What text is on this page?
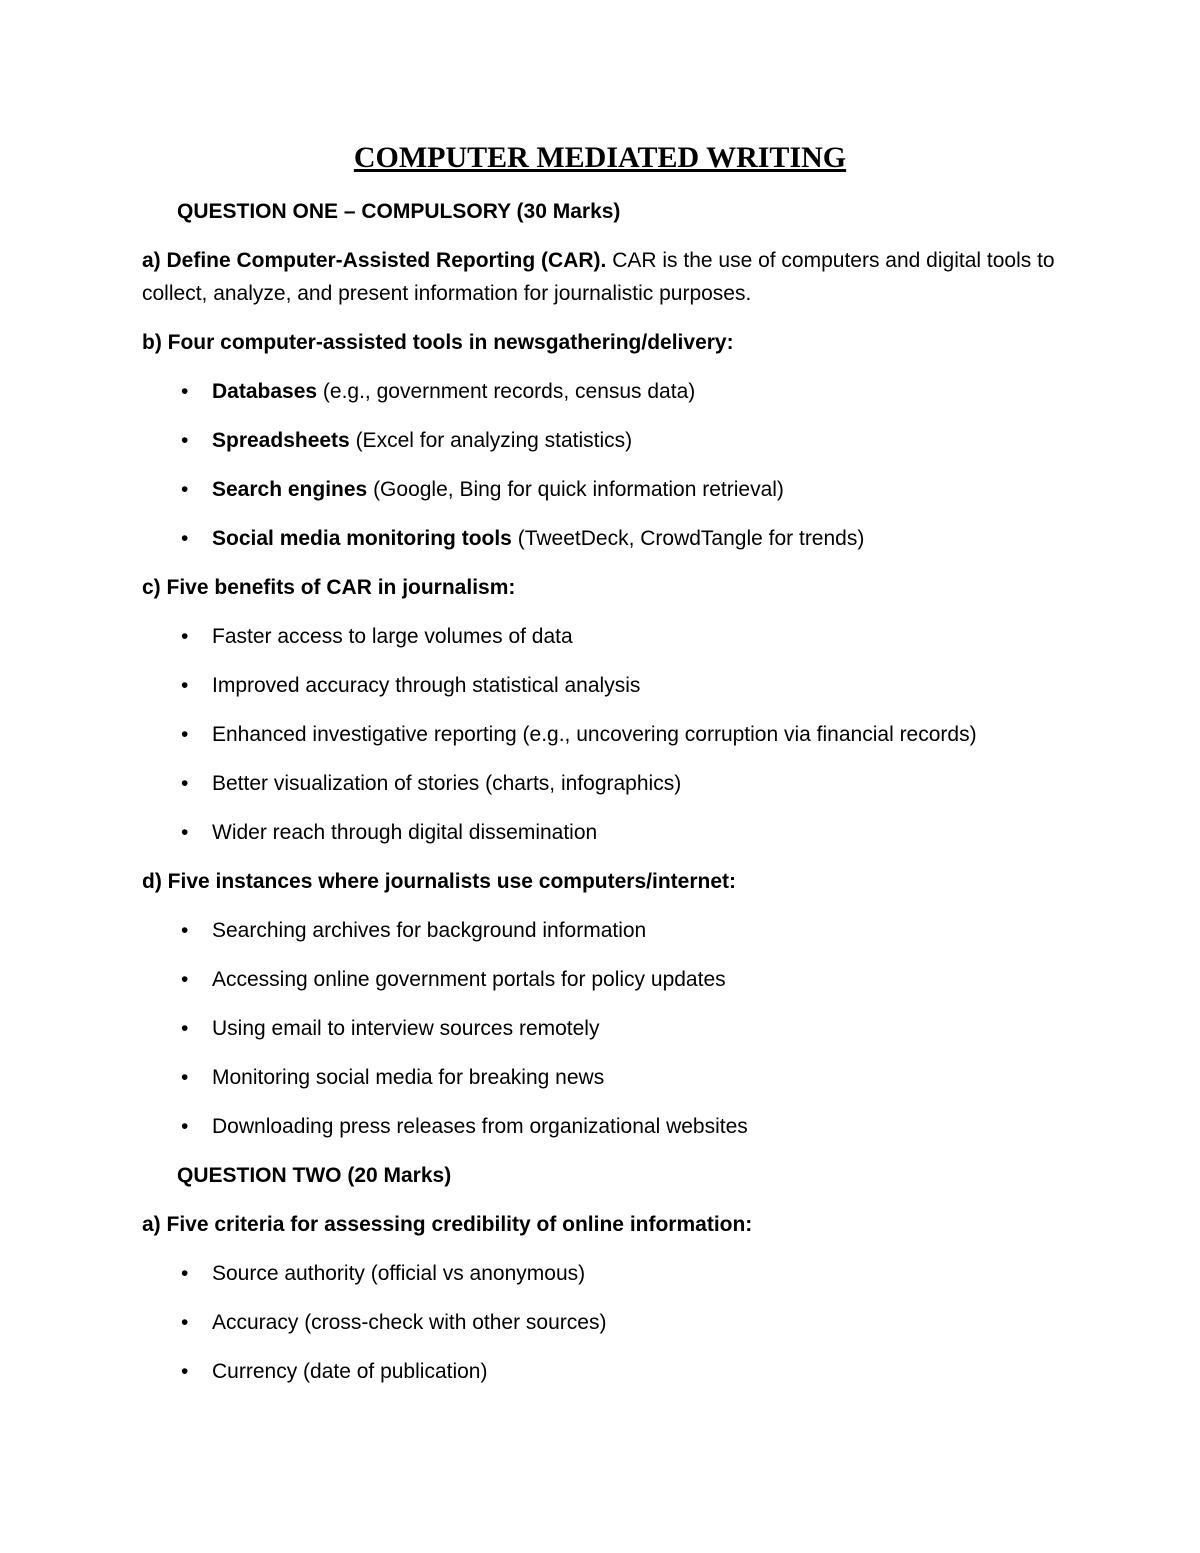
COMPUTER MEDIATED WRITING

QUESTION ONE – COMPULSORY (30 Marks)

a) Define Computer-Assisted Reporting (CAR). CAR is the use of computers and digital tools to collect, analyze, and present information for journalistic purposes.

b) Four computer-assisted tools in newsgathering/delivery:

• Databases (e.g., government records, census data)
• Spreadsheets (Excel for analyzing statistics)
• Search engines (Google, Bing for quick information retrieval)
• Social media monitoring tools (TweetDeck, CrowdTangle for trends)

c) Five benefits of CAR in journalism:

• Faster access to large volumes of data
• Improved accuracy through statistical analysis
• Enhanced investigative reporting (e.g., uncovering corruption via financial records)
• Better visualization of stories (charts, infographics)
• Wider reach through digital dissemination

d) Five instances where journalists use computers/internet:

• Searching archives for background information
• Accessing online government portals for policy updates
• Using email to interview sources remotely
• Monitoring social media for breaking news
• Downloading press releases from organizational websites

QUESTION TWO (20 Marks)

a) Five criteria for assessing credibility of online information:

• Source authority (official vs anonymous)
• Accuracy (cross-check with other sources)
• Currency (date of publication)
